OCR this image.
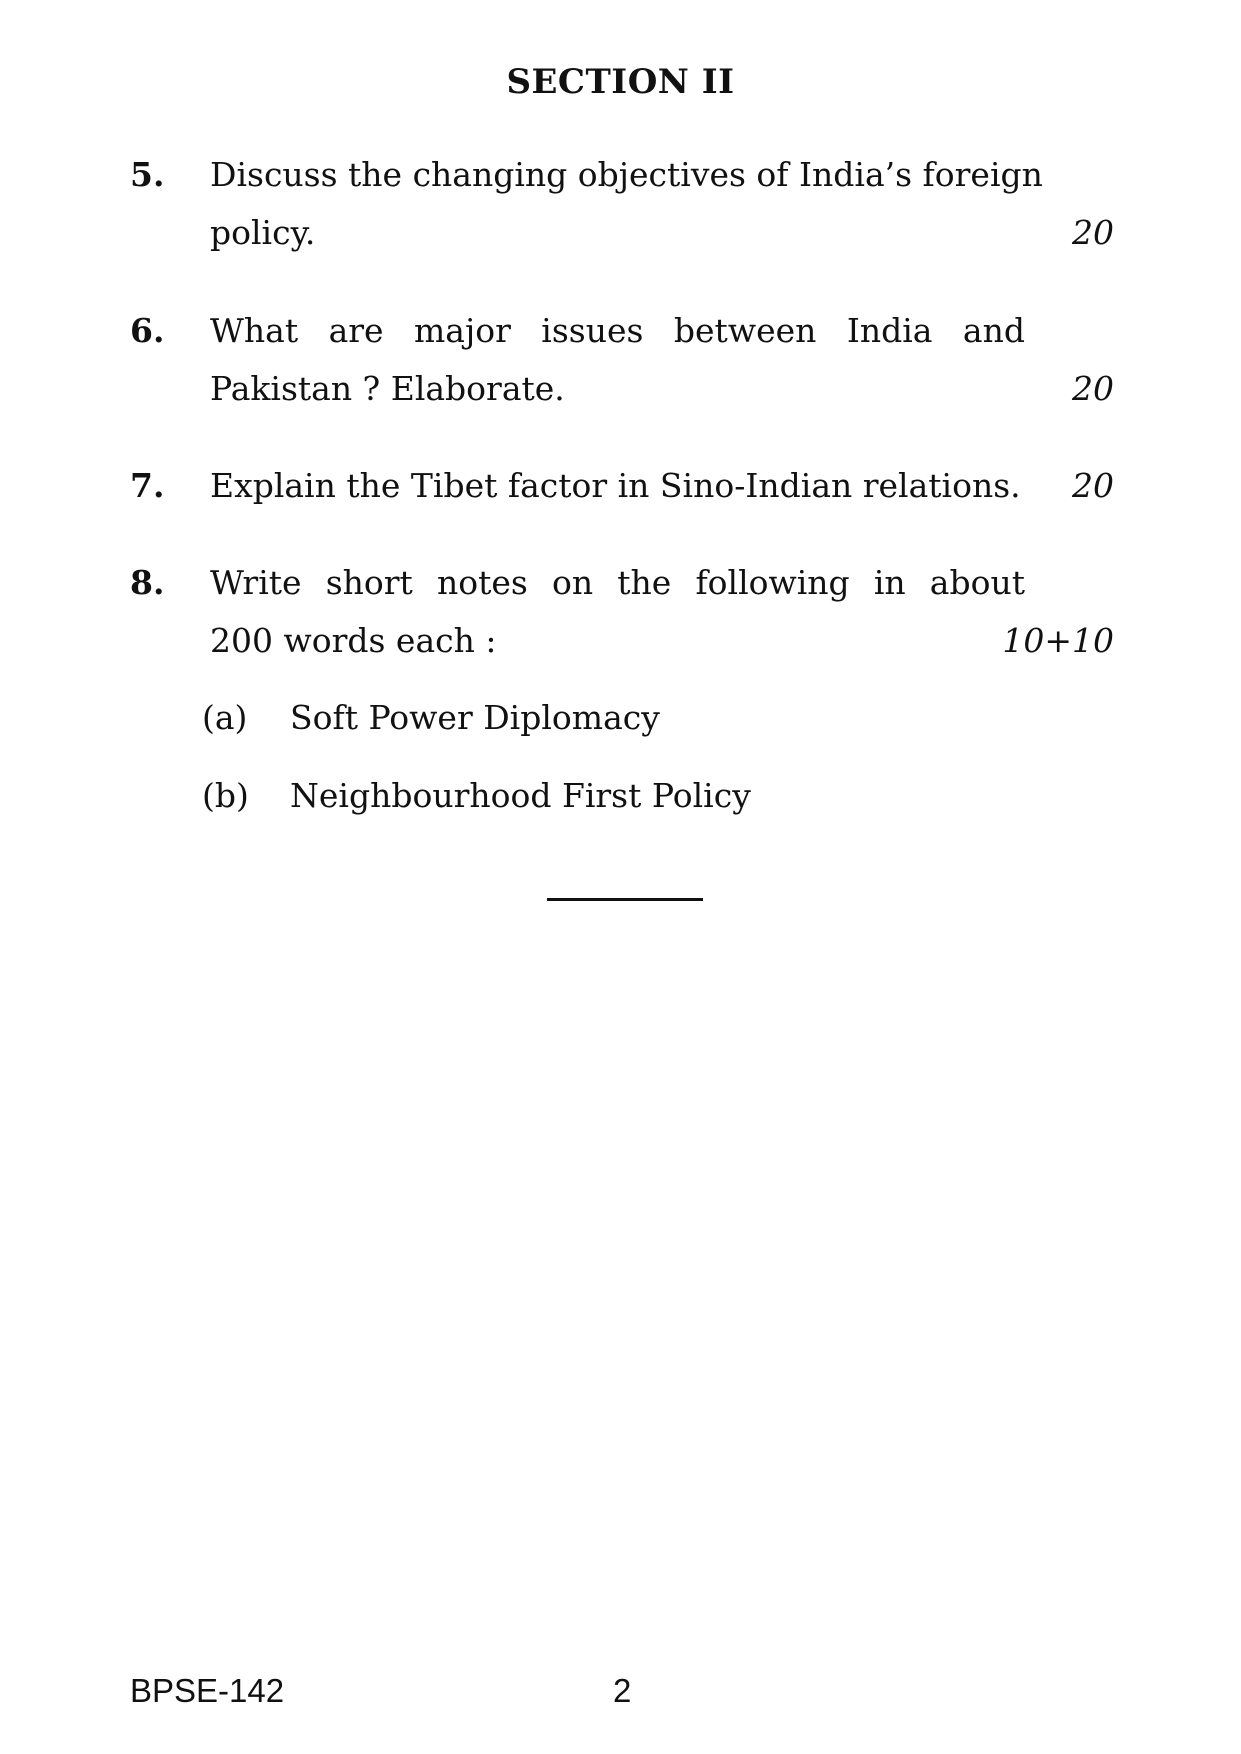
SECTION II
5. Discuss the changing objectives of India’s foreign
policy.	20
6. What are major issues between India and
Pakistan ? Elaborate.	20
7. Explain the Tibet factor in Sino-Indian relations. 20
8. Write short notes on the following in about
200 words each :	10+10
(a) Soft Power Diplomacy
(b) Neighbourhood First Policy
BPSE-142	2
